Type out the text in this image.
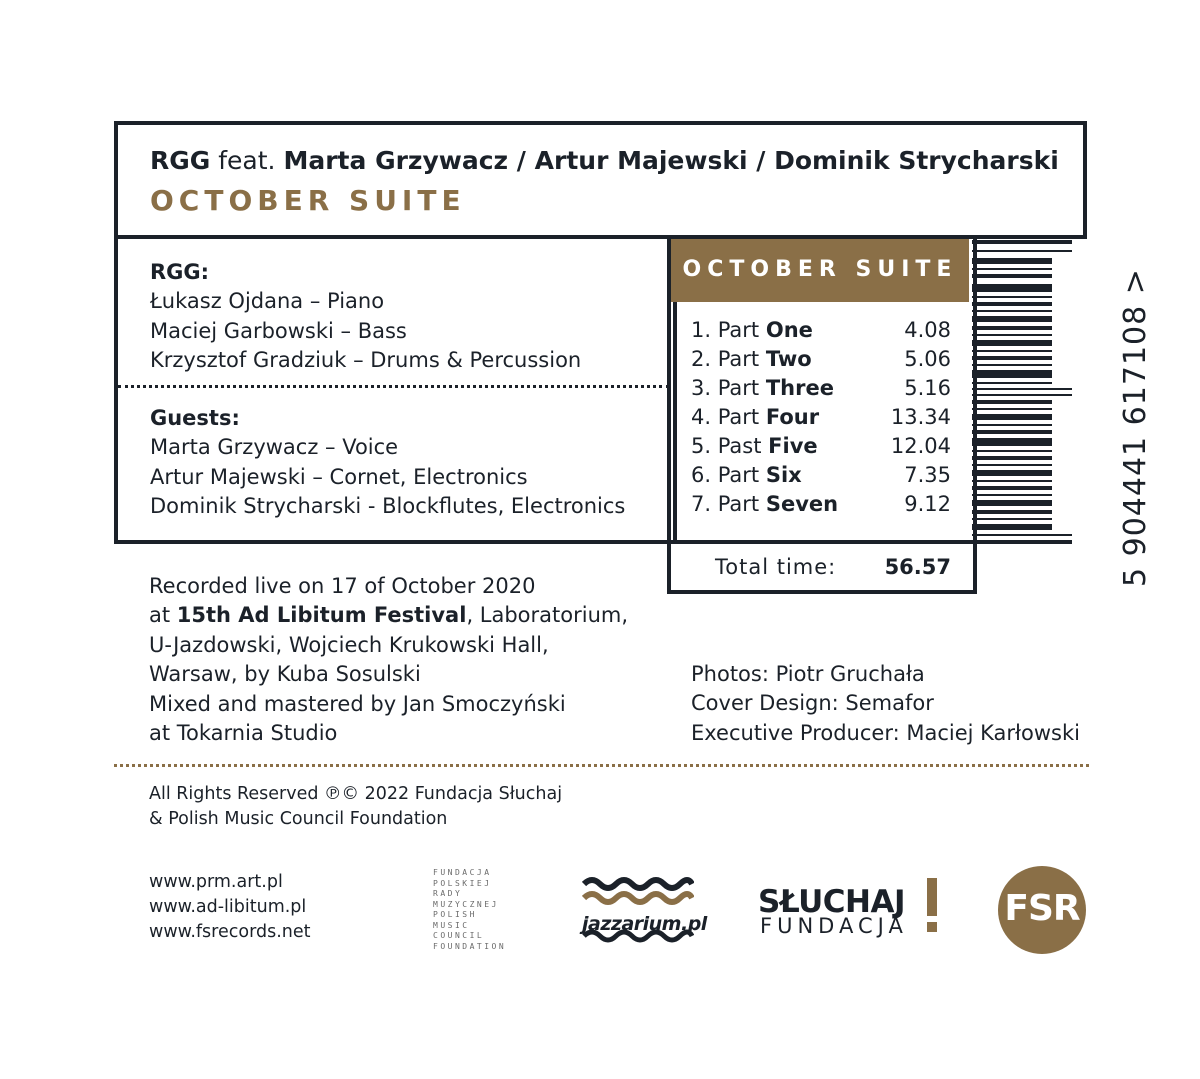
RGG feat. Marta Grzywacz / Artur Majewski / Dominik Strycharski
OCTOBER SUITE
RGG:
Łukasz Ojdana – Piano
Maciej Garbowski – Bass
Krzysztof Gradziuk – Drums & Percussion
Guests:
Marta Grzywacz – Voice
Artur Majewski – Cornet, Electronics
Dominik Strycharski - Blockflutes, Electronics
OCTOBER SUITE
1. Part One	4.08
2. Part Two	5.06
3. Part Three	5.16
4. Part Four	13.34
5. Past Five	12.04
6. Part Six	7.35
7. Part Seven	9.12
Total time: 56.57	5 904441 617108 >
Recorded live on 17 of October 2020
at 15th Ad Libitum Festival, Laboratorium,
U-Jazdowski, Wojciech Krukowski Hall,
Warsaw, by Kuba Sosulski
Mixed and mastered by Jan Smoczyński
at Tokarnia Studio
Photos: Piotr Gruchała
Cover Design: Semafor
Executive Producer: Maciej Karłowski
All Rights Reserved ℗© 2022 Fundacja Słuchaj
& Polish Music Council Foundation
www.prm.art.pl
www.ad-libitum.pl
www.fsrecords.net
FUNDACJA
POLSKIEJ
RADY
MUZYCZNEJ
POLISH
MUSIC
COUNCIL
FOUNDATION
jazzarium.pl
SŁUCHAJ
FUNDACJA	FSR
